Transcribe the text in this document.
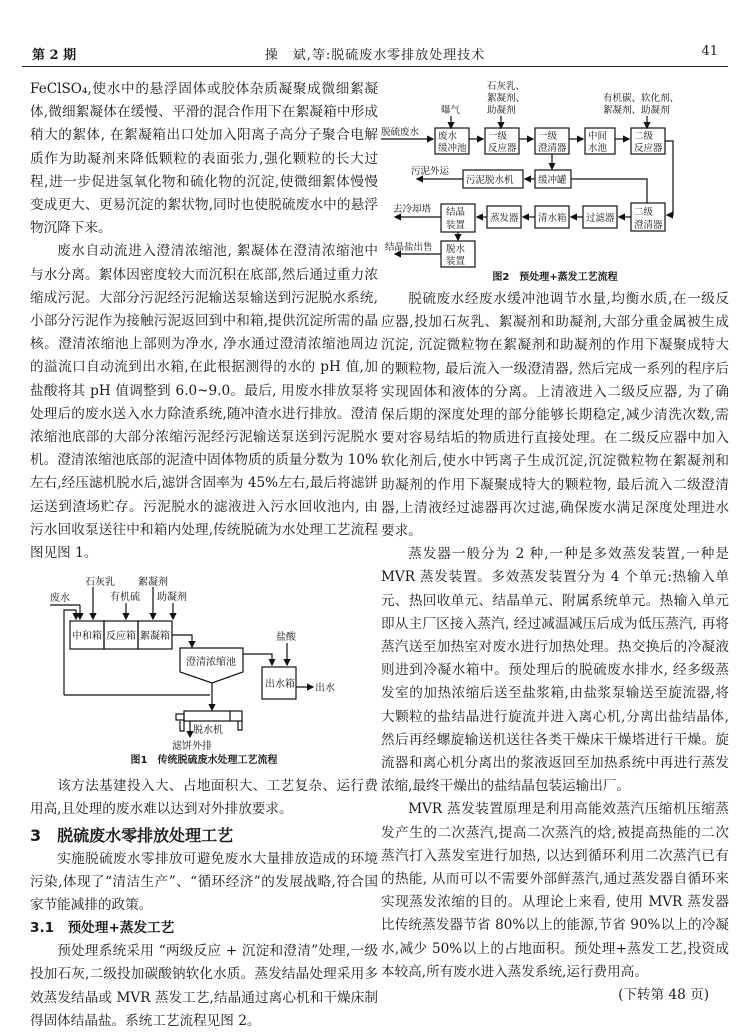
第 2 期	操　斌,等:脱硫废水零排放处理技术	41

FeClSO₄,使水中的悬浮固体或胶体杂质凝聚成微细絮凝体,微细絮凝体在缓慢、平滑的混合作用下在絮凝箱中形成稍大的絮体, 在絮凝箱出口处加入阳离子高分子聚合电解质作为助凝剂来降低颗粒的表面张力,强化颗粒的长大过程,进一步促进氢氧化物和硫化物的沉淀,使微细絮体慢慢变成更大、更易沉淀的絮状物,同时也使脱硫废水中的悬浮物沉降下来。

废水自动流进入澄清浓缩池, 絮凝体在澄清浓缩池中与水分离。絮体因密度较大而沉积在底部,然后通过重力浓缩成污泥。大部分污泥经污泥输送泵输送到污泥脱水系统, 小部分污泥作为接触污泥返回到中和箱,提供沉淀所需的晶核。澄清浓缩池上部则为净水, 净水通过澄清浓缩池周边的溢流口自动流到出水箱,在此根据测得的水的 pH 值,加盐酸将其 pH 值调整到 6.0~9.0。最后, 用废水排放泵将处理后的废水送入水力除渣系统,随冲渣水进行排放。澄清浓缩池底部的大部分浓缩污泥经污泥输送泵送到污泥脱水机。澄清浓缩池底部的泥渣中固体物质的质量分数为 10%左右,经压滤机脱水后,滤饼含固率为 45%左右,最后将滤饼运送到渣场贮存。污泥脱水的滤液进入污水回收池内, 由污水回收泵送往中和箱内处理,传统脱硫为水处理工艺流程图见图 1。

废水
石灰乳
有机硫
絮凝剂
助凝剂
中和箱 反应箱 絮凝箱
澄清浓缩池
盐酸
出水箱 出水
脱水机
滤饼外排
图1　传统脱硫废水处理工艺流程

该方法基建投入大、占地面积大、工艺复杂、运行费用高,且处理的废水难以达到对外排放要求。

3　脱硫废水零排放处理工艺

实施脱硫废水零排放可避免废水大量排放造成的环境污染,体现了“清洁生产”、“循环经济”的发展战略,符合国家节能减排的政策。

3.1　预处理+蒸发工艺

预处理系统采用 “两级反应 + 沉淀和澄清”处理,一级投加石灰,二级投加碳酸钠软化水质。蒸发结晶处理采用多效蒸发结晶或 MVR 蒸发工艺,结晶通过离心机和干燥床制得固体结晶盐。系统工艺流程见图 2。

脱硫废水
曝气
废水
缓冲池
石灰乳、
絮凝剂、
助凝剂
一级
反应器
一级
澄清器
中间
水池
有机碳、软化剂、
絮凝剂、助凝剂
二级
反应器
污泥外运
污泥脱水机	缓冲罐
去冷却塔 结晶
装置
蒸发器 清水箱 过滤器
二级
澄清器
结晶盐出售 脱水
装置
图2　预处理+蒸发工艺流程

脱硫废水经废水缓冲池调节水量,均衡水质,在一级反应器,投加石灰乳、絮凝剂和助凝剂,大部分重金属被生成沉淀, 沉淀微粒物在絮凝剂和助凝剂的作用下凝聚成特大的颗粒物, 最后流入一级澄清器, 然后完成一系列的程序后实现固体和液体的分离。上清液进入二级反应器, 为了确保后期的深度处理的部分能够长期稳定,减少清洗次数,需要对容易结垢的物质进行直接处理。在二级反应器中加入软化剂后,使水中钙离子生成沉淀,沉淀微粒物在絮凝剂和助凝剂的作用下凝聚成特大的颗粒物, 最后流入二级澄清器,上清液经过滤器再次过滤,确保废水满足深度处理进水要求。

蒸发器一般分为 2 种,一种是多效蒸发装置,一种是 MVR 蒸发装置。多效蒸发装置分为 4 个单元:热输入单元、热回收单元、结晶单元、附属系统单元。热输入单元即从主厂区接入蒸汽, 经过减温减压后成为低压蒸汽, 再将蒸汽送至加热室对废水进行加热处理。热交换后的冷凝液则进到冷凝水箱中。预处理后的脱硫废水排水, 经多级蒸发室的加热浓缩后送至盐浆箱,由盐浆泵输送至旋流器,将大颗粒的盐结晶进行旋流并进入离心机,分离出盐结晶体,然后再经螺旋输送机送往各类干燥床干燥塔进行干燥。旋流器和离心机分离出的浆液返回至加热系统中再进行蒸发浓缩,最终干燥出的盐结晶包装运输出厂。

MVR 蒸发装置原理是利用高能效蒸汽压缩机压缩蒸发产生的二次蒸汽,提高二次蒸汽的焓,被提高热能的二次蒸汽打入蒸发室进行加热, 以达到循环利用二次蒸汽已有的热能, 从而可以不需要外部鲜蒸汽,通过蒸发器自循环来实现蒸发浓缩的目的。从理论上来看, 使用 MVR 蒸发器比传统蒸发器节省 80%以上的能源,节省 90%以上的冷凝水,减少 50%以上的占地面积。预处理+蒸发工艺,投资成本较高,所有废水进入蒸发系统,运行费用高。

(下转第 48 页)
